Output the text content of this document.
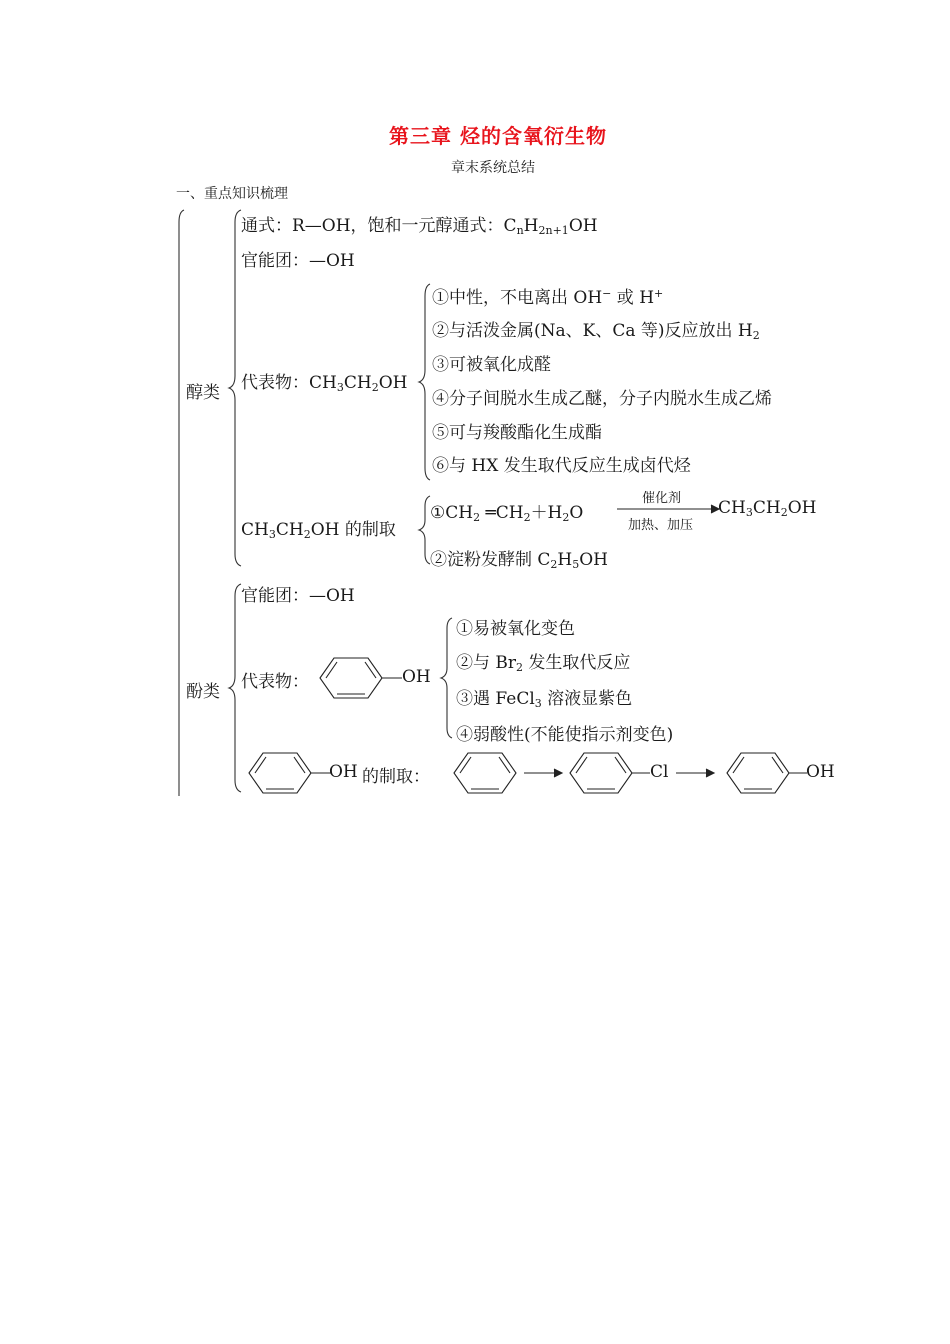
第三章 烃的含氧衍生物
章末系统总结
一、重点知识梳理
醇类
通式：R—OH，饱和一元醇通式：$C_nH_{2n+1}OH$
官能团：—OH
代表物：$CH_3CH_2OH$
①中性，不电离出 OH− 或 H+
②与活泼金属(Na、K、Ca 等)反应放出 $H_2$
③可被氧化成醛
④分子间脱水生成乙醚，分子内脱水生成乙烯
⑤可与羧酸酯化生成酯
⑥与 HX 发生取代反应生成卤代烃
$CH_3CH_2OH$ 的制取
$①CH_2$ $═CH_2+H_2O$
催化剂
加热、加压
$CH_3CH_2OH$
②淀粉发酵制 $C_2H_5OH$
酚类
官能团：—OH
代表物：	OH
①易被氧化变色
②与 $Br_2$ 发生取代反应
③遇 FeCl$_3$ 溶液显紫色
④弱酸性(不能使指示剂变色)
OH 的制取：	Cl	OH
